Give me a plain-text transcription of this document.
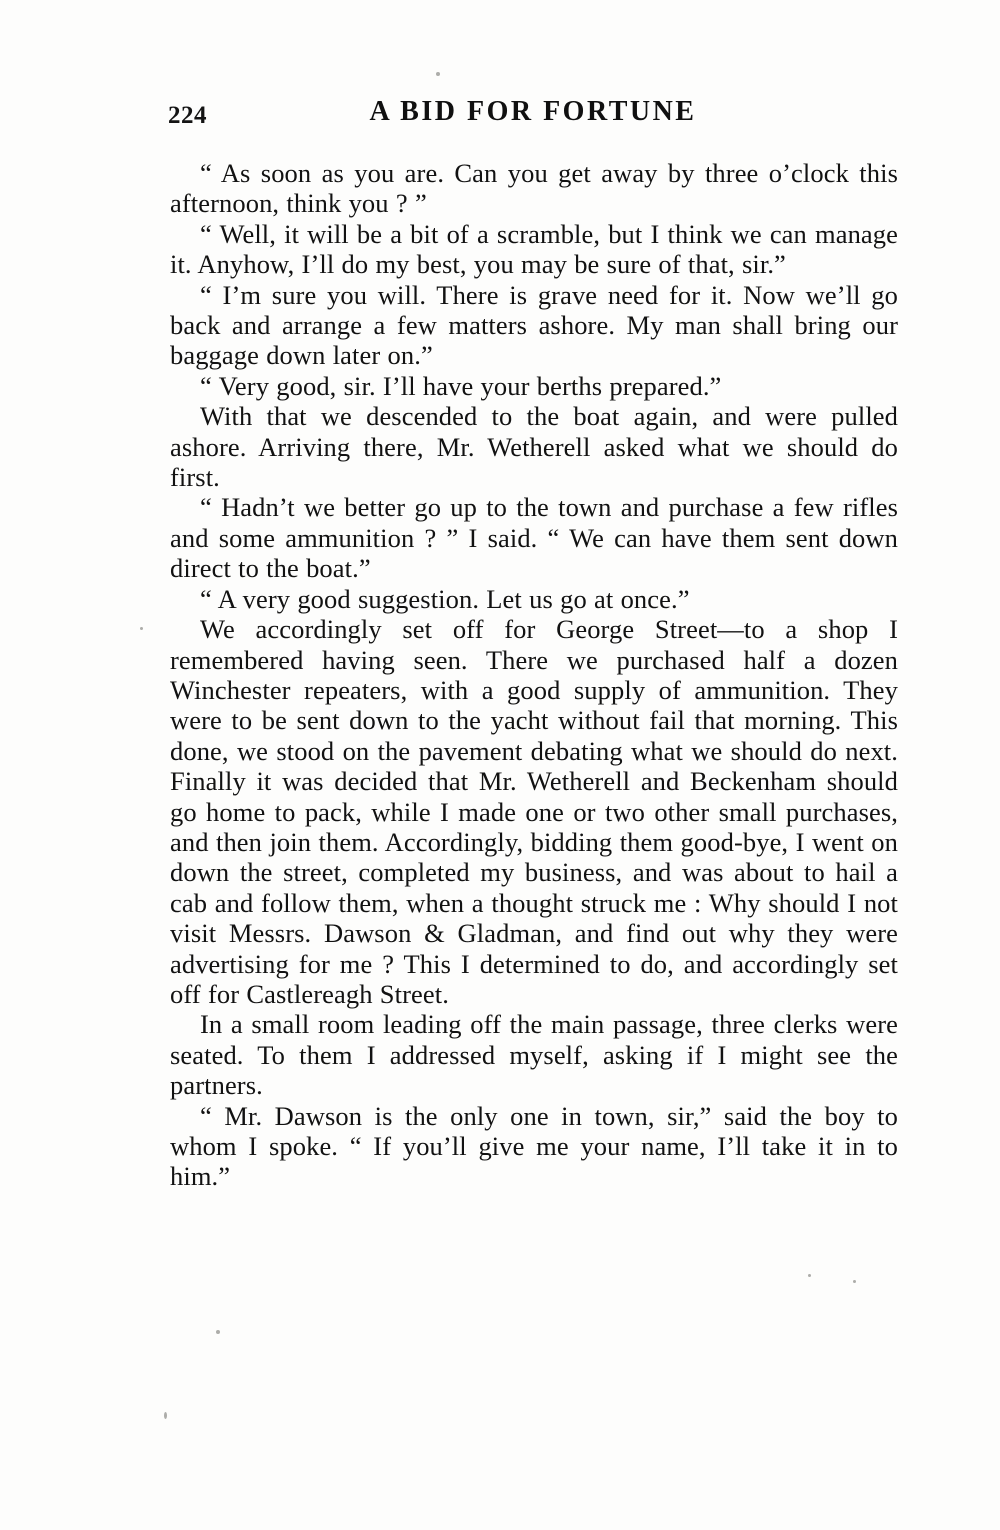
224	A BID FOR FORTUNE

“ As soon as you are. Can you get away by three o’clock this afternoon, think you ? ”

“ Well, it will be a bit of a scramble, but I think we can manage it. Anyhow, I’ll do my best, you may be sure of that, sir.”

“ I’m sure you will. There is grave need for it. Now we’ll go back and arrange a few matters ashore. My man shall bring our baggage down later on.”

“ Very good, sir. I’ll have your berths prepared.”

With that we descended to the boat again, and were pulled ashore. Arriving there, Mr. Wetherell asked what we should do first.

“ Hadn’t we better go up to the town and purchase a few rifles and some ammunition ? ” I said. “ We can have them sent down direct to the boat.”

“ A very good suggestion. Let us go at once.”

We accordingly set off for George Street—to a shop I remembered having seen. There we purchased half a dozen Winchester repeaters, with a good supply of ammunition. They were to be sent down to the yacht without fail that morning. This done, we stood on the pavement debating what we should do next. Finally it was decided that Mr. Wetherell and Beckenham should go home to pack, while I made one or two other small purchases, and then join them. Accordingly, bidding them good-bye, I went on down the street, completed my business, and was about to hail a cab and follow them, when a thought struck me : Why should I not visit Messrs. Dawson & Gladman, and find out why they were advertising for me ? This I determined to do, and accordingly set off for Castlereagh Street.

In a small room leading off the main passage, three clerks were seated. To them I addressed myself, asking if I might see the partners.

“ Mr. Dawson is the only one in town, sir,” said the boy to whom I spoke. “ If you’ll give me your name, I’ll take it in to him.”
